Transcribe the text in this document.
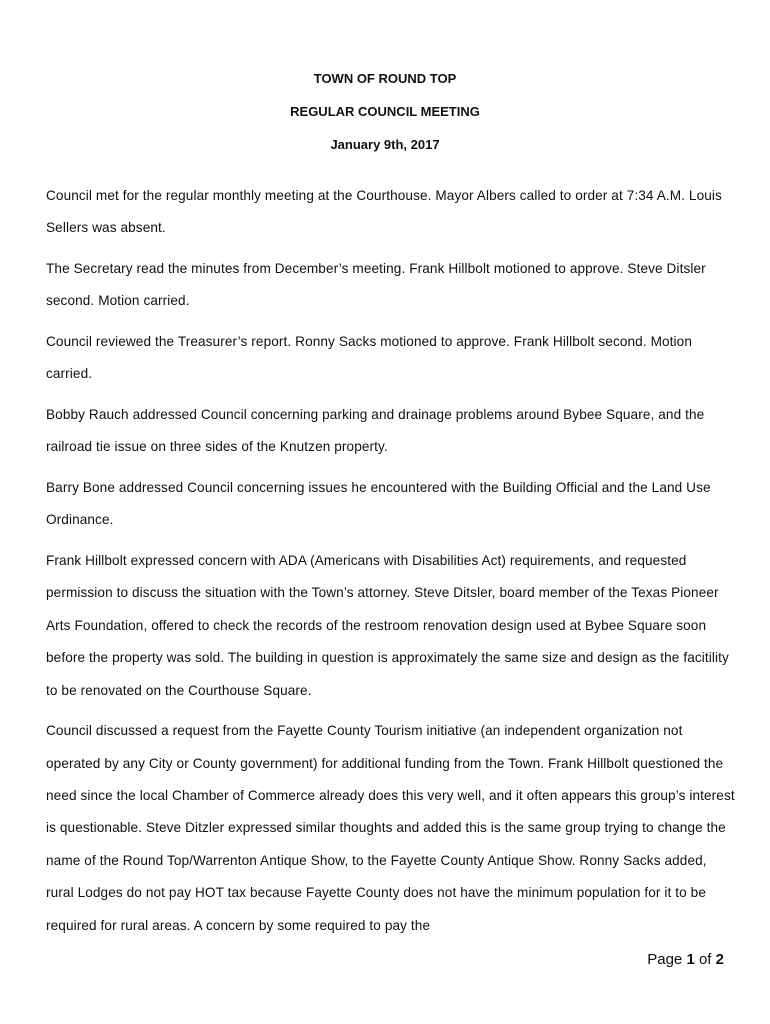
TOWN OF ROUND TOP
REGULAR COUNCIL MEETING
January 9th, 2017

Council met for the regular monthly meeting at the Courthouse. Mayor Albers called to order at 7:34 A.M. Louis Sellers was absent.

The Secretary read the minutes from December’s meeting. Frank Hillbolt motioned to approve. Steve Ditsler second. Motion carried.

Council reviewed the Treasurer’s report. Ronny Sacks motioned to approve. Frank Hillbolt second. Motion carried.

Bobby Rauch addressed Council concerning parking and drainage problems around Bybee Square, and the railroad tie issue on three sides of the Knutzen property.

Barry Bone addressed Council concerning issues he encountered with the Building Official and the Land Use Ordinance.

Frank Hillbolt expressed concern with ADA (Americans with Disabilities Act) requirements, and requested permission to discuss the situation with the Town’s attorney. Steve Ditsler, board member of the Texas Pioneer Arts Foundation, offered to check the records of the restroom renovation design used at Bybee Square soon before the property was sold. The building in question is approximately the same size and design as the facitility to be renovated on the Courthouse Square.

Council discussed a request from the Fayette County Tourism initiative (an independent organization not operated by any City or County government) for additional funding from the Town. Frank Hillbolt questioned the need since the local Chamber of Commerce already does this very well, and it often appears this group’s interest is questionable. Steve Ditzler expressed similar thoughts and added this is the same group trying to change the name of the Round Top/Warrenton Antique Show, to the Fayette County Antique Show. Ronny Sacks added, rural Lodges do not pay HOT tax because Fayette County does not have the minimum population for it to be required for rural areas. A concern by some required to pay the

Page 1 of 2
